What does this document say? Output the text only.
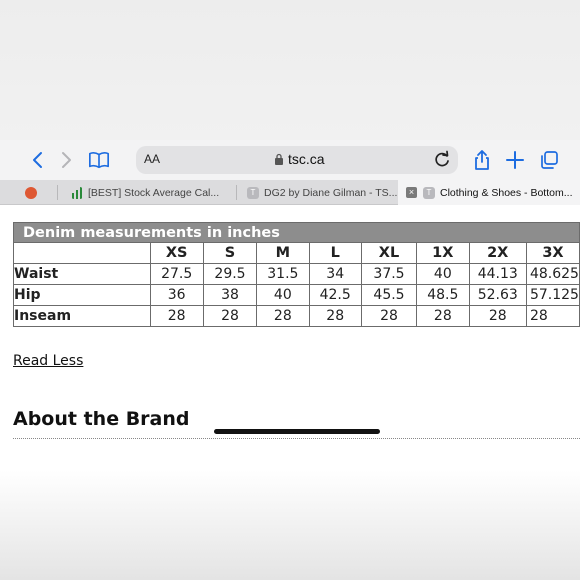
AA	tsc.ca
[BEST] Stock Average Cal...	T DG2 by Diane Gilman - TS...	×	T Clothing & Shoes - Bottom...
Denim measurements in inches								
	XS	S	M	L	XL	1X	2X	3X
Waist	27.5	29.5	31.5	34	37.5	40	44.13	48.625
Hip	36	38	40	42.5	45.5	48.5	52.63	57.125
Inseam	28	28	28	28	28	28	28	28
Read Less
About the Brand
